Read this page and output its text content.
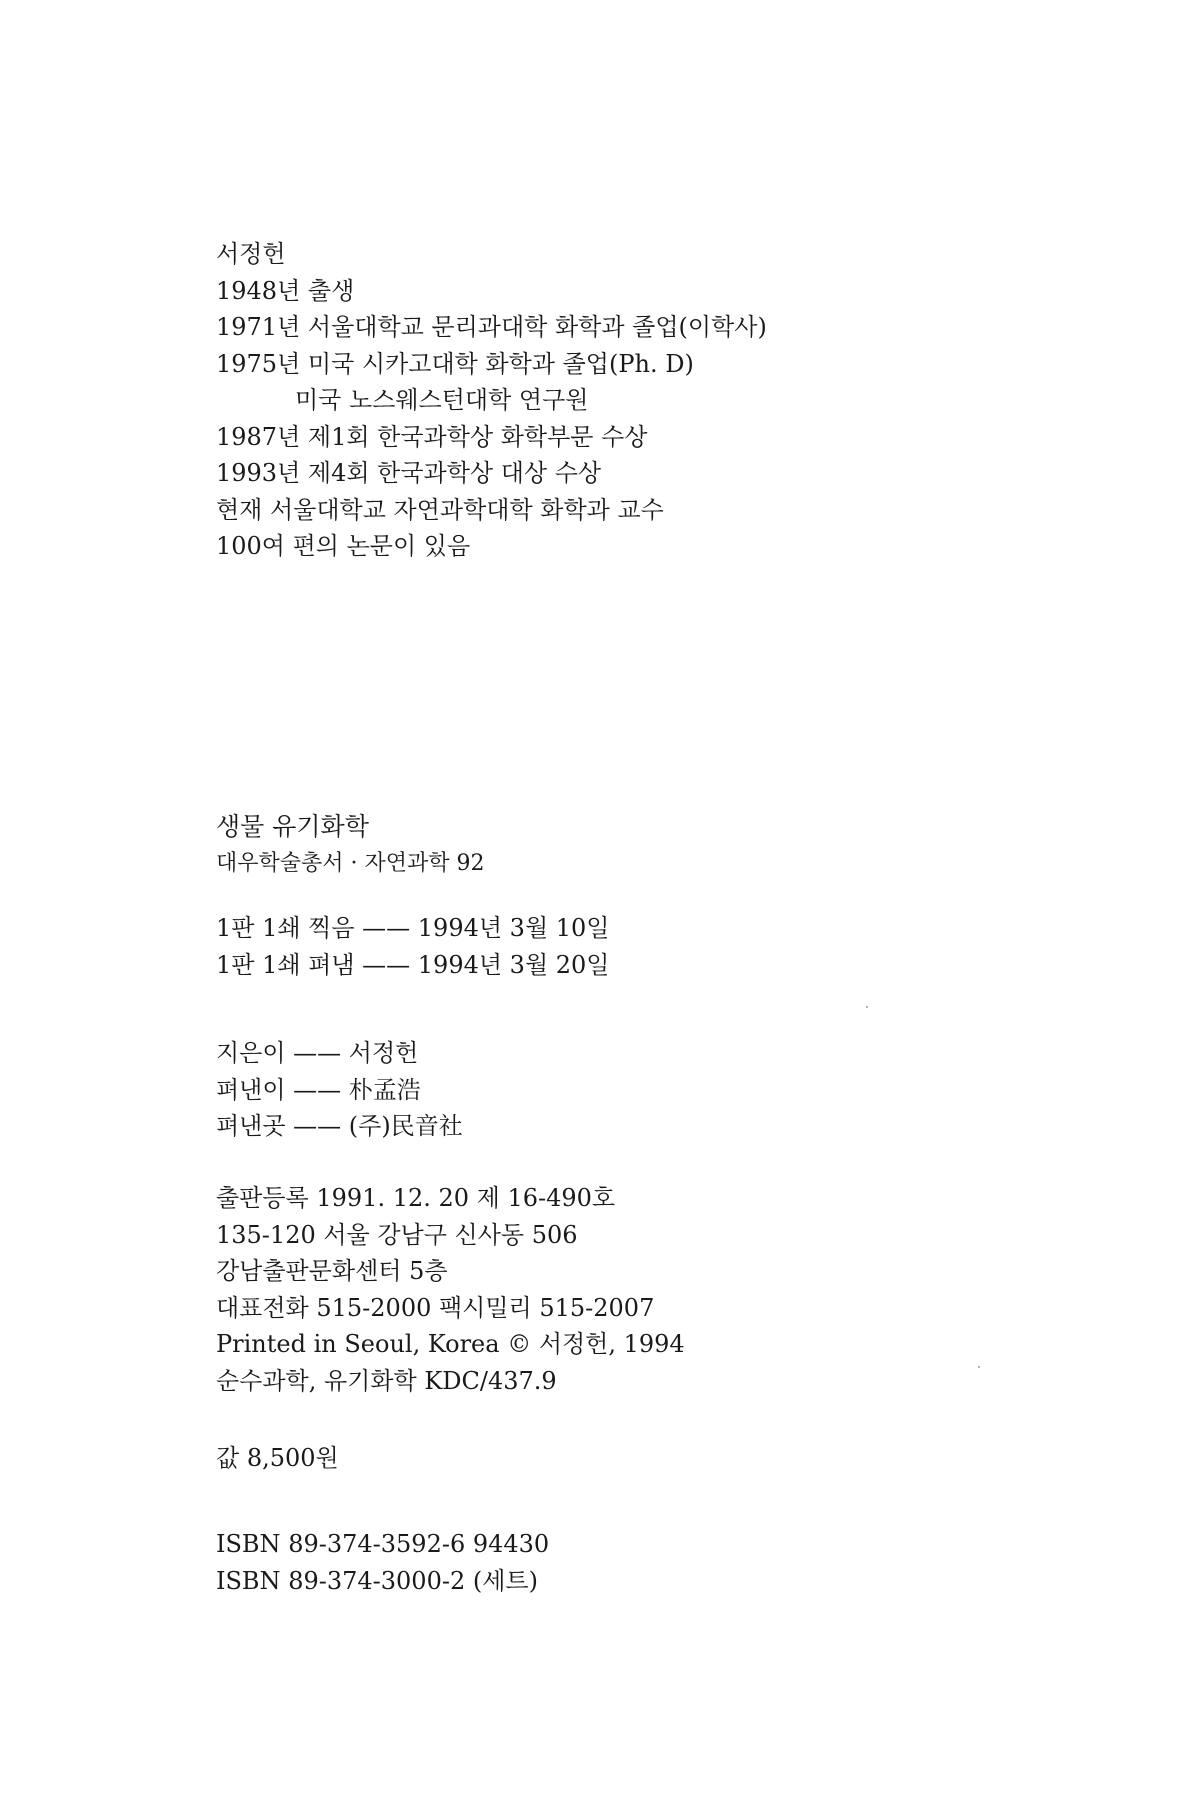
서정헌
1948년 출생
1971년 서울대학교 문리과대학 화학과 졸업(이학사)
1975년 미국 시카고대학 화학과 졸업(Ph. D)
미국 노스웨스턴대학 연구원
1987년 제1회 한국과학상 화학부문 수상
1993년 제4회 한국과학상 대상 수상
현재 서울대학교 자연과학대학 화학과 교수
100여 편의 논문이 있음
생물 유기화학
대우학술총서 · 자연과학 92
1판 1쇄 찍음 —— 1994년 3월 10일
1판 1쇄 펴냄 —— 1994년 3월 20일
지은이 —— 서정헌
펴낸이 —— 朴孟浩
펴낸곳 —— (주)民音社
출판등록 1991. 12. 20 제 16-490호
135-120 서울 강남구 신사동 506
강남출판문화센터 5층
대표전화 515-2000 팩시밀리 515-2007
Printed in Seoul, Korea © 서정헌, 1994
순수과학, 유기화학 KDC/437.9
값 8,500원
ISBN 89-374-3592-6 94430
ISBN 89-374-3000-2 (세트)
